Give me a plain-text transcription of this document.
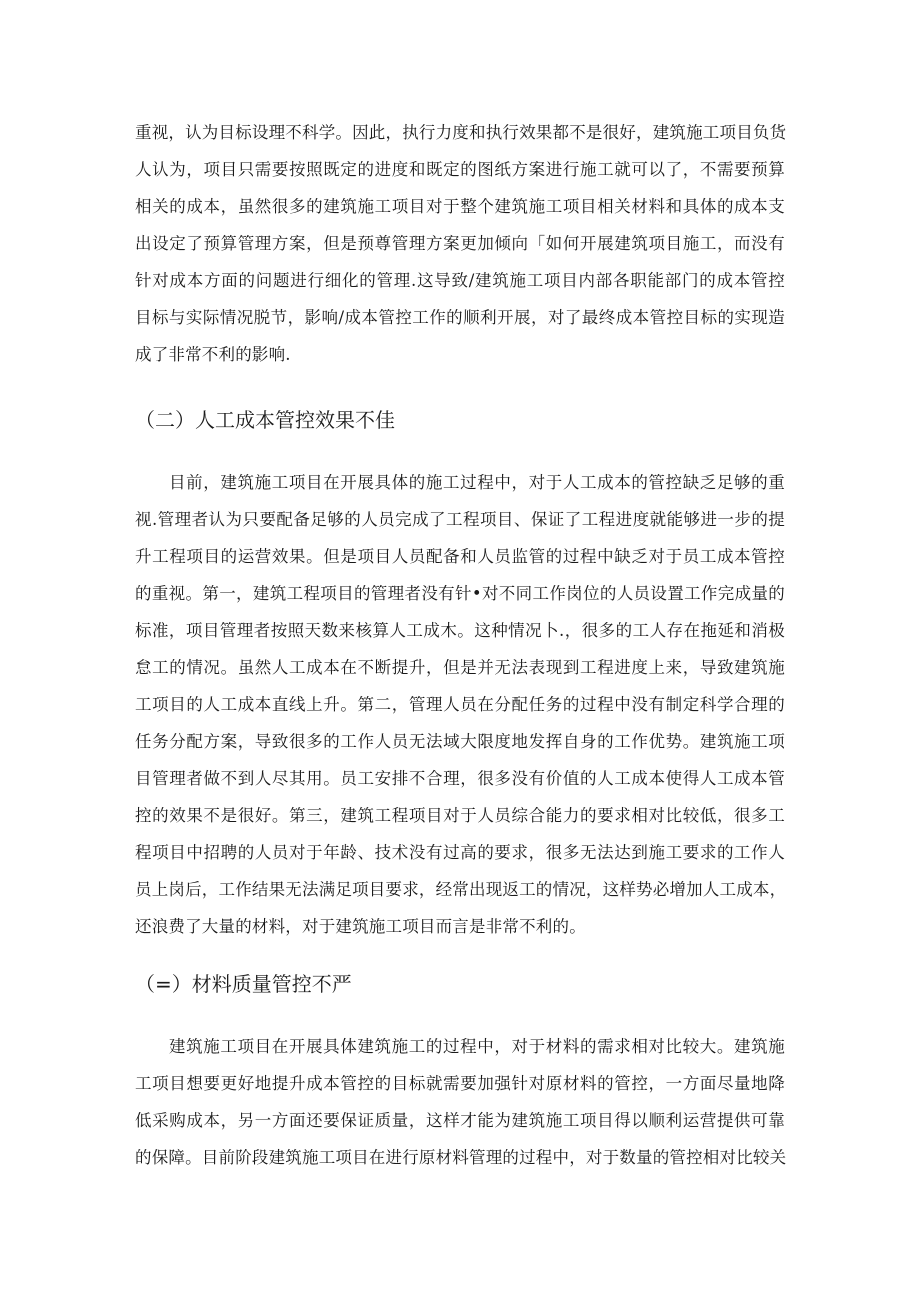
重视，认为目标设理不科学。因此，执行力度和执行效果都不是很好，建筑施工项目负货
人认为，项目只需要按照既定的进度和既定的图纸方案进行施工就可以了，不需要预算
相关的成本，虽然很多的建筑施工项目对于整个建筑施工项目相关材料和具体的成本支
出设定了预算管理方案，但是预尊管理方案更加倾向「如何开展建筑项目施工，而没有
针对成本方面的问题进行细化的管理.这导致/建筑施工项目内部各职能部门的成本管控
目标与实际情况脱节，影响/成本管控工作的顺利开展，对了最终成本管控目标的实现造
成了非常不利的影响.
（二）人工成本管控效果不佳
目前，建筑施工项目在开展具体的施工过程中，对于人工成本的管控缺乏足够的重
视.管理者认为只要配备足够的人员完成了工程项目、保证了工程进度就能够进一步的提
升工程项目的运营效果。但是项目人员配备和人员监管的过程中缺乏对于员工成本管控
的重视。第一，建筑工程项目的管理者没有针•对不同工作岗位的人员设置工作完成量的
标准，项目管理者按照天数来核算人工成木。这种情况卜.，很多的工人存在拖延和消极
怠工的情况。虽然人工成本在不断提升，但是并无法表现到工程进度上来，导致建筑施
工项目的人工成本直线上升。第二，管理人员在分配任务的过程中没有制定科学合理的
任务分配方案，导致很多的工作人员无法域大限度地发挥自身的工作优势。建筑施工项
目管理者做不到人尽其用。员工安排不合理，很多没有价值的人工成本使得人工成本管
控的效果不是很好。第三，建筑工程项目对于人员综合能力的要求相对比较低，很多工
程项目中招聘的人员对于年龄、技术没有过高的要求，很多无法达到施工要求的工作人
员上岗后，工作结果无法满足项目要求，经常出现返工的情况，这样势必增加人工成本，
还浪费了大量的材料，对于建筑施工项目而言是非常不利的。
（=）材料质量管控不严
建筑施工项目在开展具体建筑施工的过程中，对于材料的需求相对比较大。建筑施
工项目想要更好地提升成本管控的目标就需要加强针对原材料的管控，一方面尽量地降
低采购成本，另一方面还要保证质量，这样才能为建筑施工项目得以顺利运营提供可靠
的保障。目前阶段建筑施工项目在进行原材料管理的过程中，对于数量的管控相对比较关
